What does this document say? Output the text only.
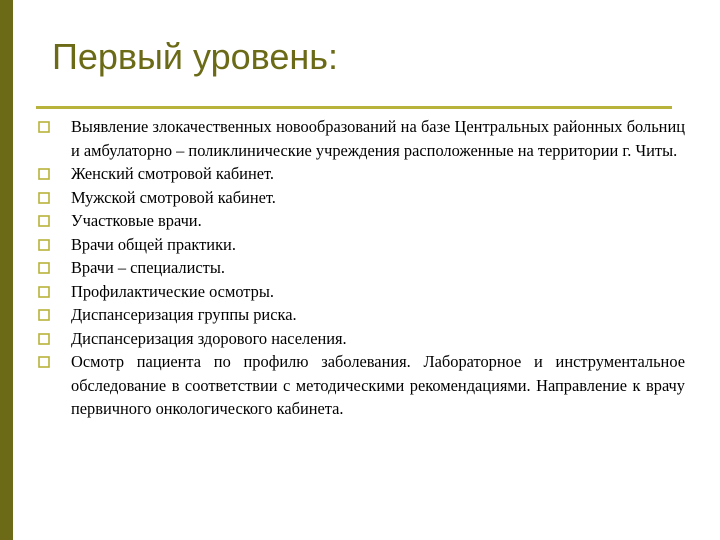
Первый уровень:
Выявление злокачественных новообразований на базе Центральных районных больниц и амбулаторно – поликлинические учреждения расположенные на территории г. Читы.
Женский смотровой кабинет.
Мужской смотровой кабинет.
Участковые врачи.
Врачи общей практики.
Врачи – специалисты.
Профилактические осмотры.
Диспансеризация группы риска.
Диспансеризация здорового населения.
Осмотр пациента по профилю заболевания. Лабораторное и инструментальное обследование в соответствии с методическими рекомендациями. Направление к врачу первичного онкологического кабинета.
